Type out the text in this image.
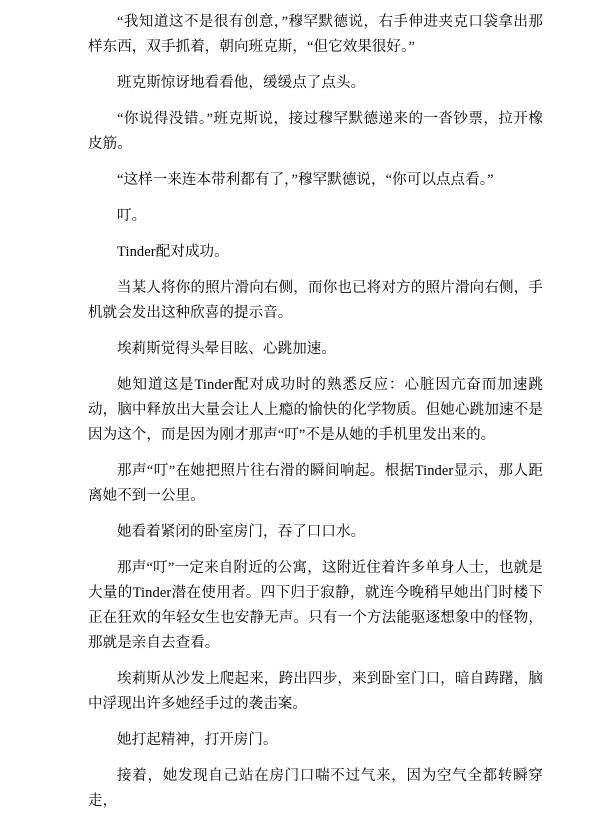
“我知道这不是很有创意，”穆罕默德说，右手伸进夹克口袋拿出那样东西，双手抓着，朝向班克斯，“但它效果很好。”

班克斯惊讶地看看他，缓缓点了点头。

“你说得没错。”班克斯说，接过穆罕默德递来的一沓钞票，拉开橡皮筋。

“这样一来连本带利都有了，”穆罕默德说，“你可以点点看。”

叮。

Tinder配对成功。

当某人将你的照片滑向右侧，而你也已将对方的照片滑向右侧，手机就会发出这种欣喜的提示音。

埃莉斯觉得头晕目眩、心跳加速。

她知道这是Tinder配对成功时的熟悉反应：心脏因亢奋而加速跳动，脑中释放出大量会让人上瘾的愉快的化学物质。但她心跳加速不是因为这个，而是因为刚才那声“叮”不是从她的手机里发出来的。

那声“叮”在她把照片往右滑的瞬间响起。根据Tinder显示，那人距离她不到一公里。

她看着紧闭的卧室房门，吞了口口水。

那声“叮”一定来自附近的公寓，这附近住着许多单身人士，也就是大量的Tinder潜在使用者。四下归于寂静，就连今晚稍早她出门时楼下正在狂欢的年轻女生也安静无声。只有一个方法能驱逐想象中的怪物，那就是亲自去查看。

埃莉斯从沙发上爬起来，跨出四步，来到卧室门口，暗自踌躇，脑中浮现出许多她经手过的袭击案。

她打起精神，打开房门。

接着，她发现自己站在房门口喘不过气来，因为空气全都转瞬穿走，
